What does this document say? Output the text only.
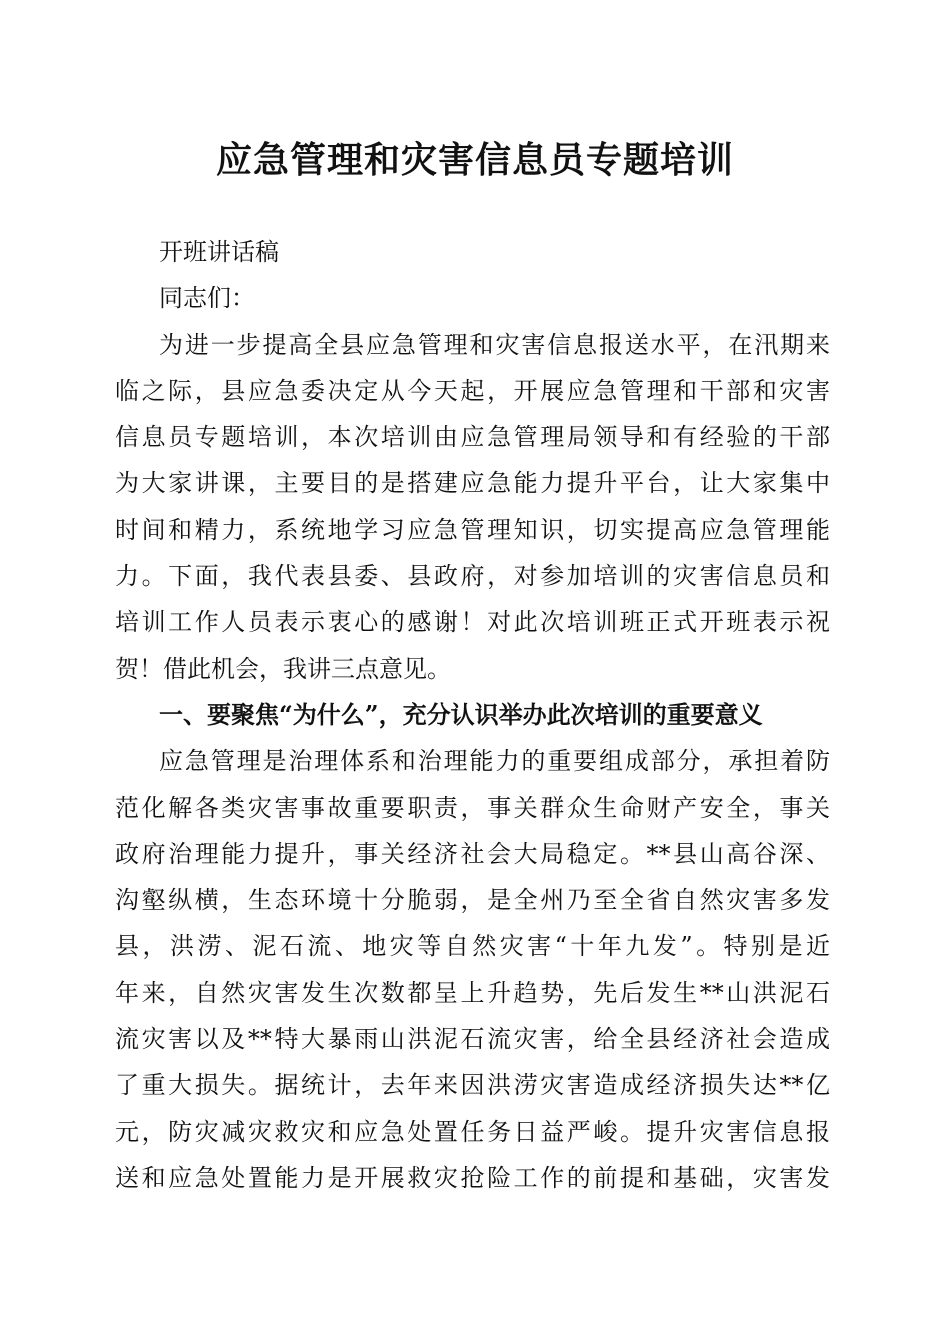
应急管理和灾害信息员专题培训

开班讲话稿

同志们：

为进一步提高全县应急管理和灾害信息报送水平，在汛期来

临之际，县应急委决定从今天起，开展应急管理和干部和灾害

信息员专题培训，本次培训由应急管理局领导和有经验的干部

为大家讲课，主要目的是搭建应急能力提升平台，让大家集中

时间和精力，系统地学习应急管理知识，切实提高应急管理能

力。下面，我代表县委、县政府，对参加培训的灾害信息员和

培训工作人员表示衷心的感谢！对此次培训班正式开班表示祝

贺！借此机会，我讲三点意见。

一、要聚焦“为什么”，充分认识举办此次培训的重要意义

应急管理是治理体系和治理能力的重要组成部分，承担着防

范化解各类灾害事故重要职责，事关群众生命财产安全，事关

政府治理能力提升，事关经济社会大局稳定。**县山高谷深、

沟壑纵横，生态环境十分脆弱，是全州乃至全省自然灾害多发

县，洪涝、泥石流、地灾等自然灾害“十年九发”。特别是近

年来，自然灾害发生次数都呈上升趋势，先后发生**山洪泥石

流灾害以及**特大暴雨山洪泥石流灾害，给全县经济社会造成

了重大损失。据统计，去年来因洪涝灾害造成经济损失达**亿

元，防灾减灾救灾和应急处置任务日益严峻。提升灾害信息报

送和应急处置能力是开展救灾抢险工作的前提和基础，灾害发
